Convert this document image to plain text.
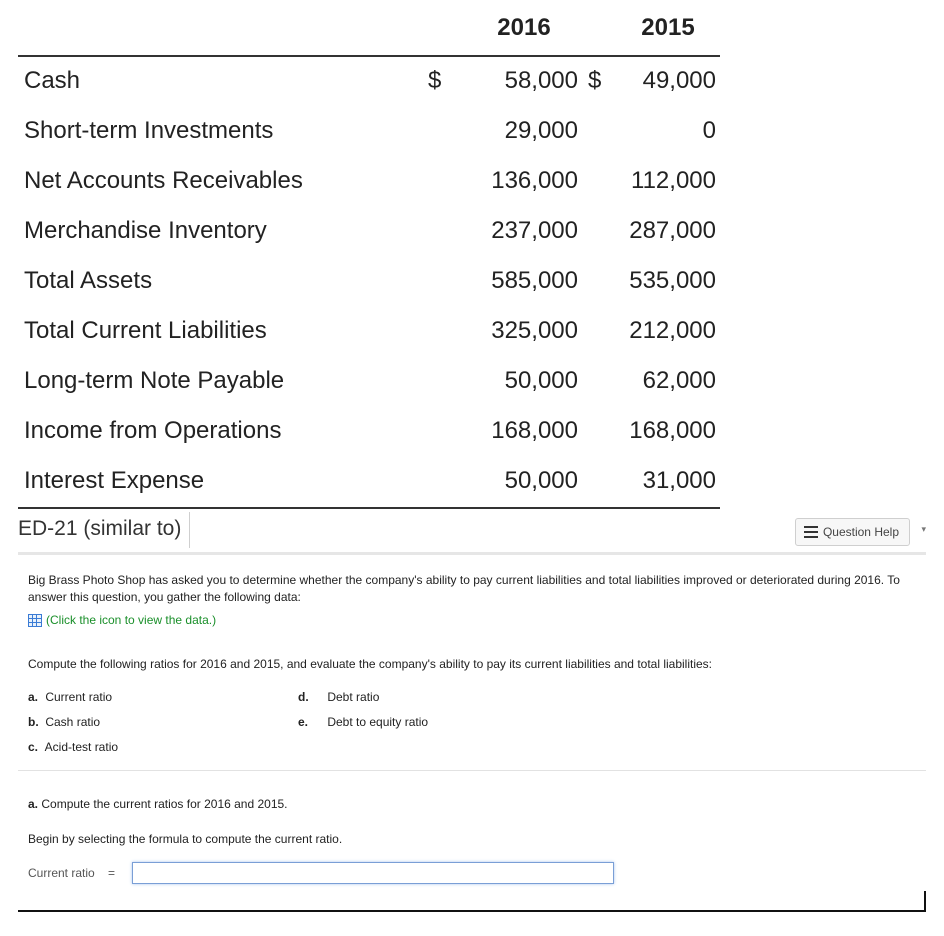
2016	2015
Cash	$	58,000 $ 49,000
Short-term Investments	29,000	0
Net Accounts Receivables	136,000 112,000
Merchandise Inventory	237,000 287,000
Total Assets	585,000 535,000
Total Current Liabilities	325,000 212,000
Long-term Note Payable	50,000	62,000
Income from Operations	168,000 168,000
Interest Expense	50,000	31,000
ED-21 (similar to)	Question Help ▾
Big Brass Photo Shop has asked you to determine whether the company's ability to pay current liabilities and total liabilities improved or deteriorated during 2016. To answer this question, you gather the following data:
(Click the icon to view the data.)
Compute the following ratios for 2016 and 2015, and evaluate the company's ability to pay its current liabilities and total liabilities:
a. Current ratio
b. Cash ratio
c. Acid-test ratio
d. Debt ratio
e. Debt to equity ratio
a. Compute the current ratios for 2016 and 2015.
Begin by selecting the formula to compute the current ratio.
Current ratio	=
